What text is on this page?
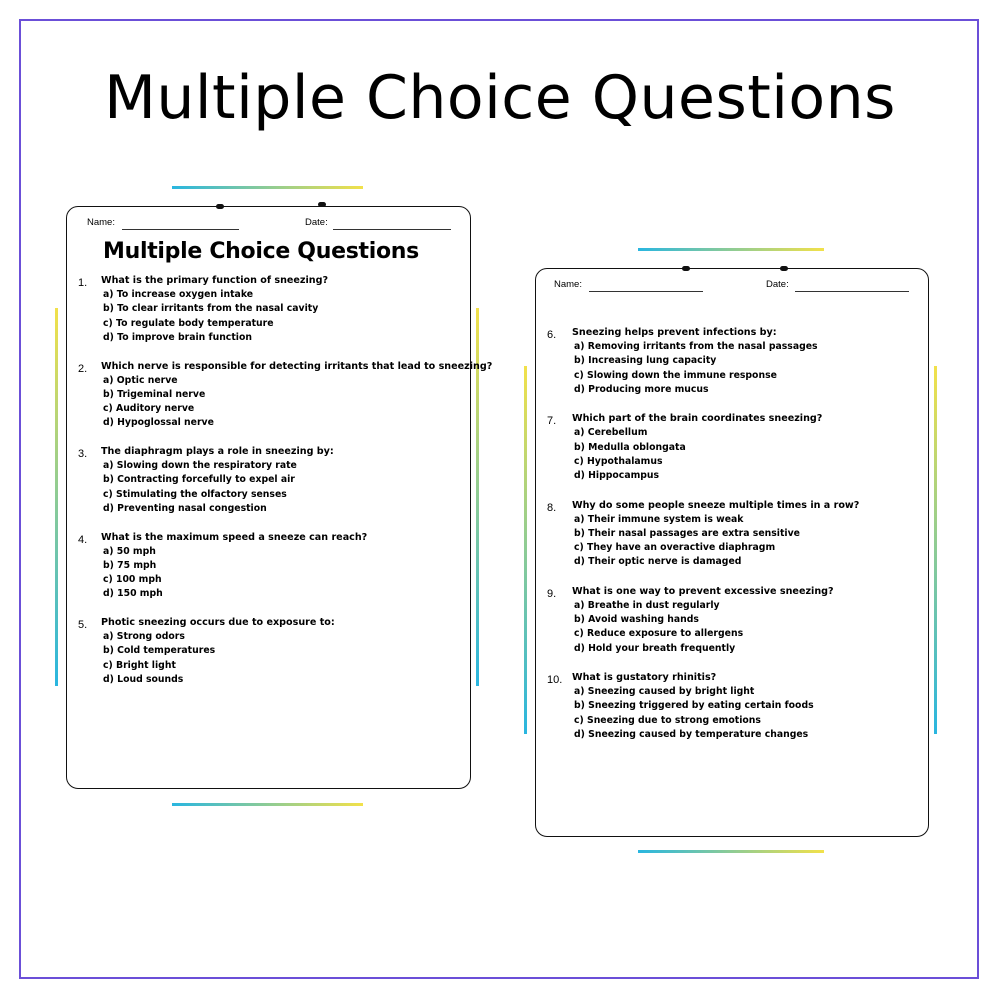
Multiple Choice Questions
Name:	Date:
Multiple Choice Questions
1. What is the primary function of sneezing?
a) To increase oxygen intake
b) To clear irritants from the nasal cavity
c) To regulate body temperature
d) To improve brain function
2. Which nerve is responsible for detecting irritants that lead to sneezing?
a) Optic nerve
b) Trigeminal nerve
c) Auditory nerve
d) Hypoglossal nerve
3. The diaphragm plays a role in sneezing by:
a) Slowing down the respiratory rate
b) Contracting forcefully to expel air
c) Stimulating the olfactory senses
d) Preventing nasal congestion
4. What is the maximum speed a sneeze can reach?
a) 50 mph
b) 75 mph
c) 100 mph
d) 150 mph
5. Photic sneezing occurs due to exposure to:
a) Strong odors
b) Cold temperatures
c) Bright light
d) Loud sounds
Name:	Date:
6. Sneezing helps prevent infections by:
a) Removing irritants from the nasal passages
b) Increasing lung capacity
c) Slowing down the immune response
d) Producing more mucus
7. Which part of the brain coordinates sneezing?
a) Cerebellum
b) Medulla oblongata
c) Hypothalamus
d) Hippocampus
8. Why do some people sneeze multiple times in a row?
a) Their immune system is weak
b) Their nasal passages are extra sensitive
c) They have an overactive diaphragm
d) Their optic nerve is damaged
9. What is one way to prevent excessive sneezing?
a) Breathe in dust regularly
b) Avoid washing hands
c) Reduce exposure to allergens
d) Hold your breath frequently
10. What is gustatory rhinitis?
a) Sneezing caused by bright light
b) Sneezing triggered by eating certain foods
c) Sneezing due to strong emotions
d) Sneezing caused by temperature changes
